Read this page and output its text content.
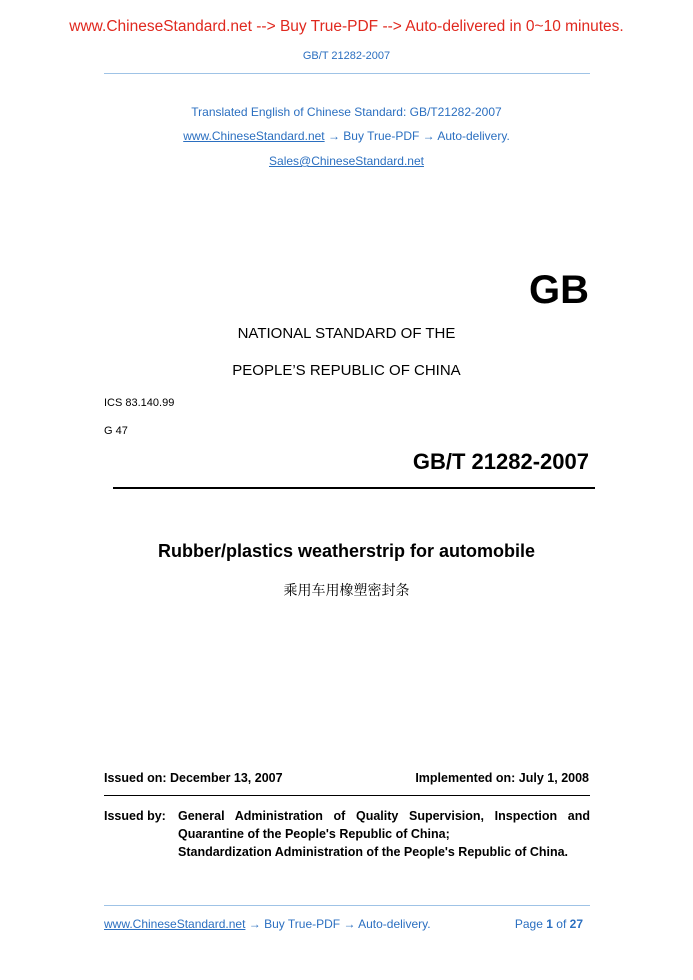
www.ChineseStandard.net --> Buy True-PDF --> Auto-delivered in 0~10 minutes.
GB/T 21282-2007
Translated English of Chinese Standard: GB/T21282-2007
www.ChineseStandard.net → Buy True-PDF → Auto-delivery.
Sales@ChineseStandard.net
GB
NATIONAL STANDARD OF THE
PEOPLE’S REPUBLIC OF CHINA
ICS 83.140.99
G 47
GB/T 21282-2007
Rubber/plastics weatherstrip for automobile
乘用车用橡塑密封条
Issued on: December 13, 2007	Implemented on: July 1, 2008
Issued by: General Administration of Quality Supervision, Inspection and Quarantine of the People's Republic of China;
Standardization Administration of the People's Republic of China.
www.ChineseStandard.net → Buy True-PDF → Auto-delivery.	Page 1 of 27
